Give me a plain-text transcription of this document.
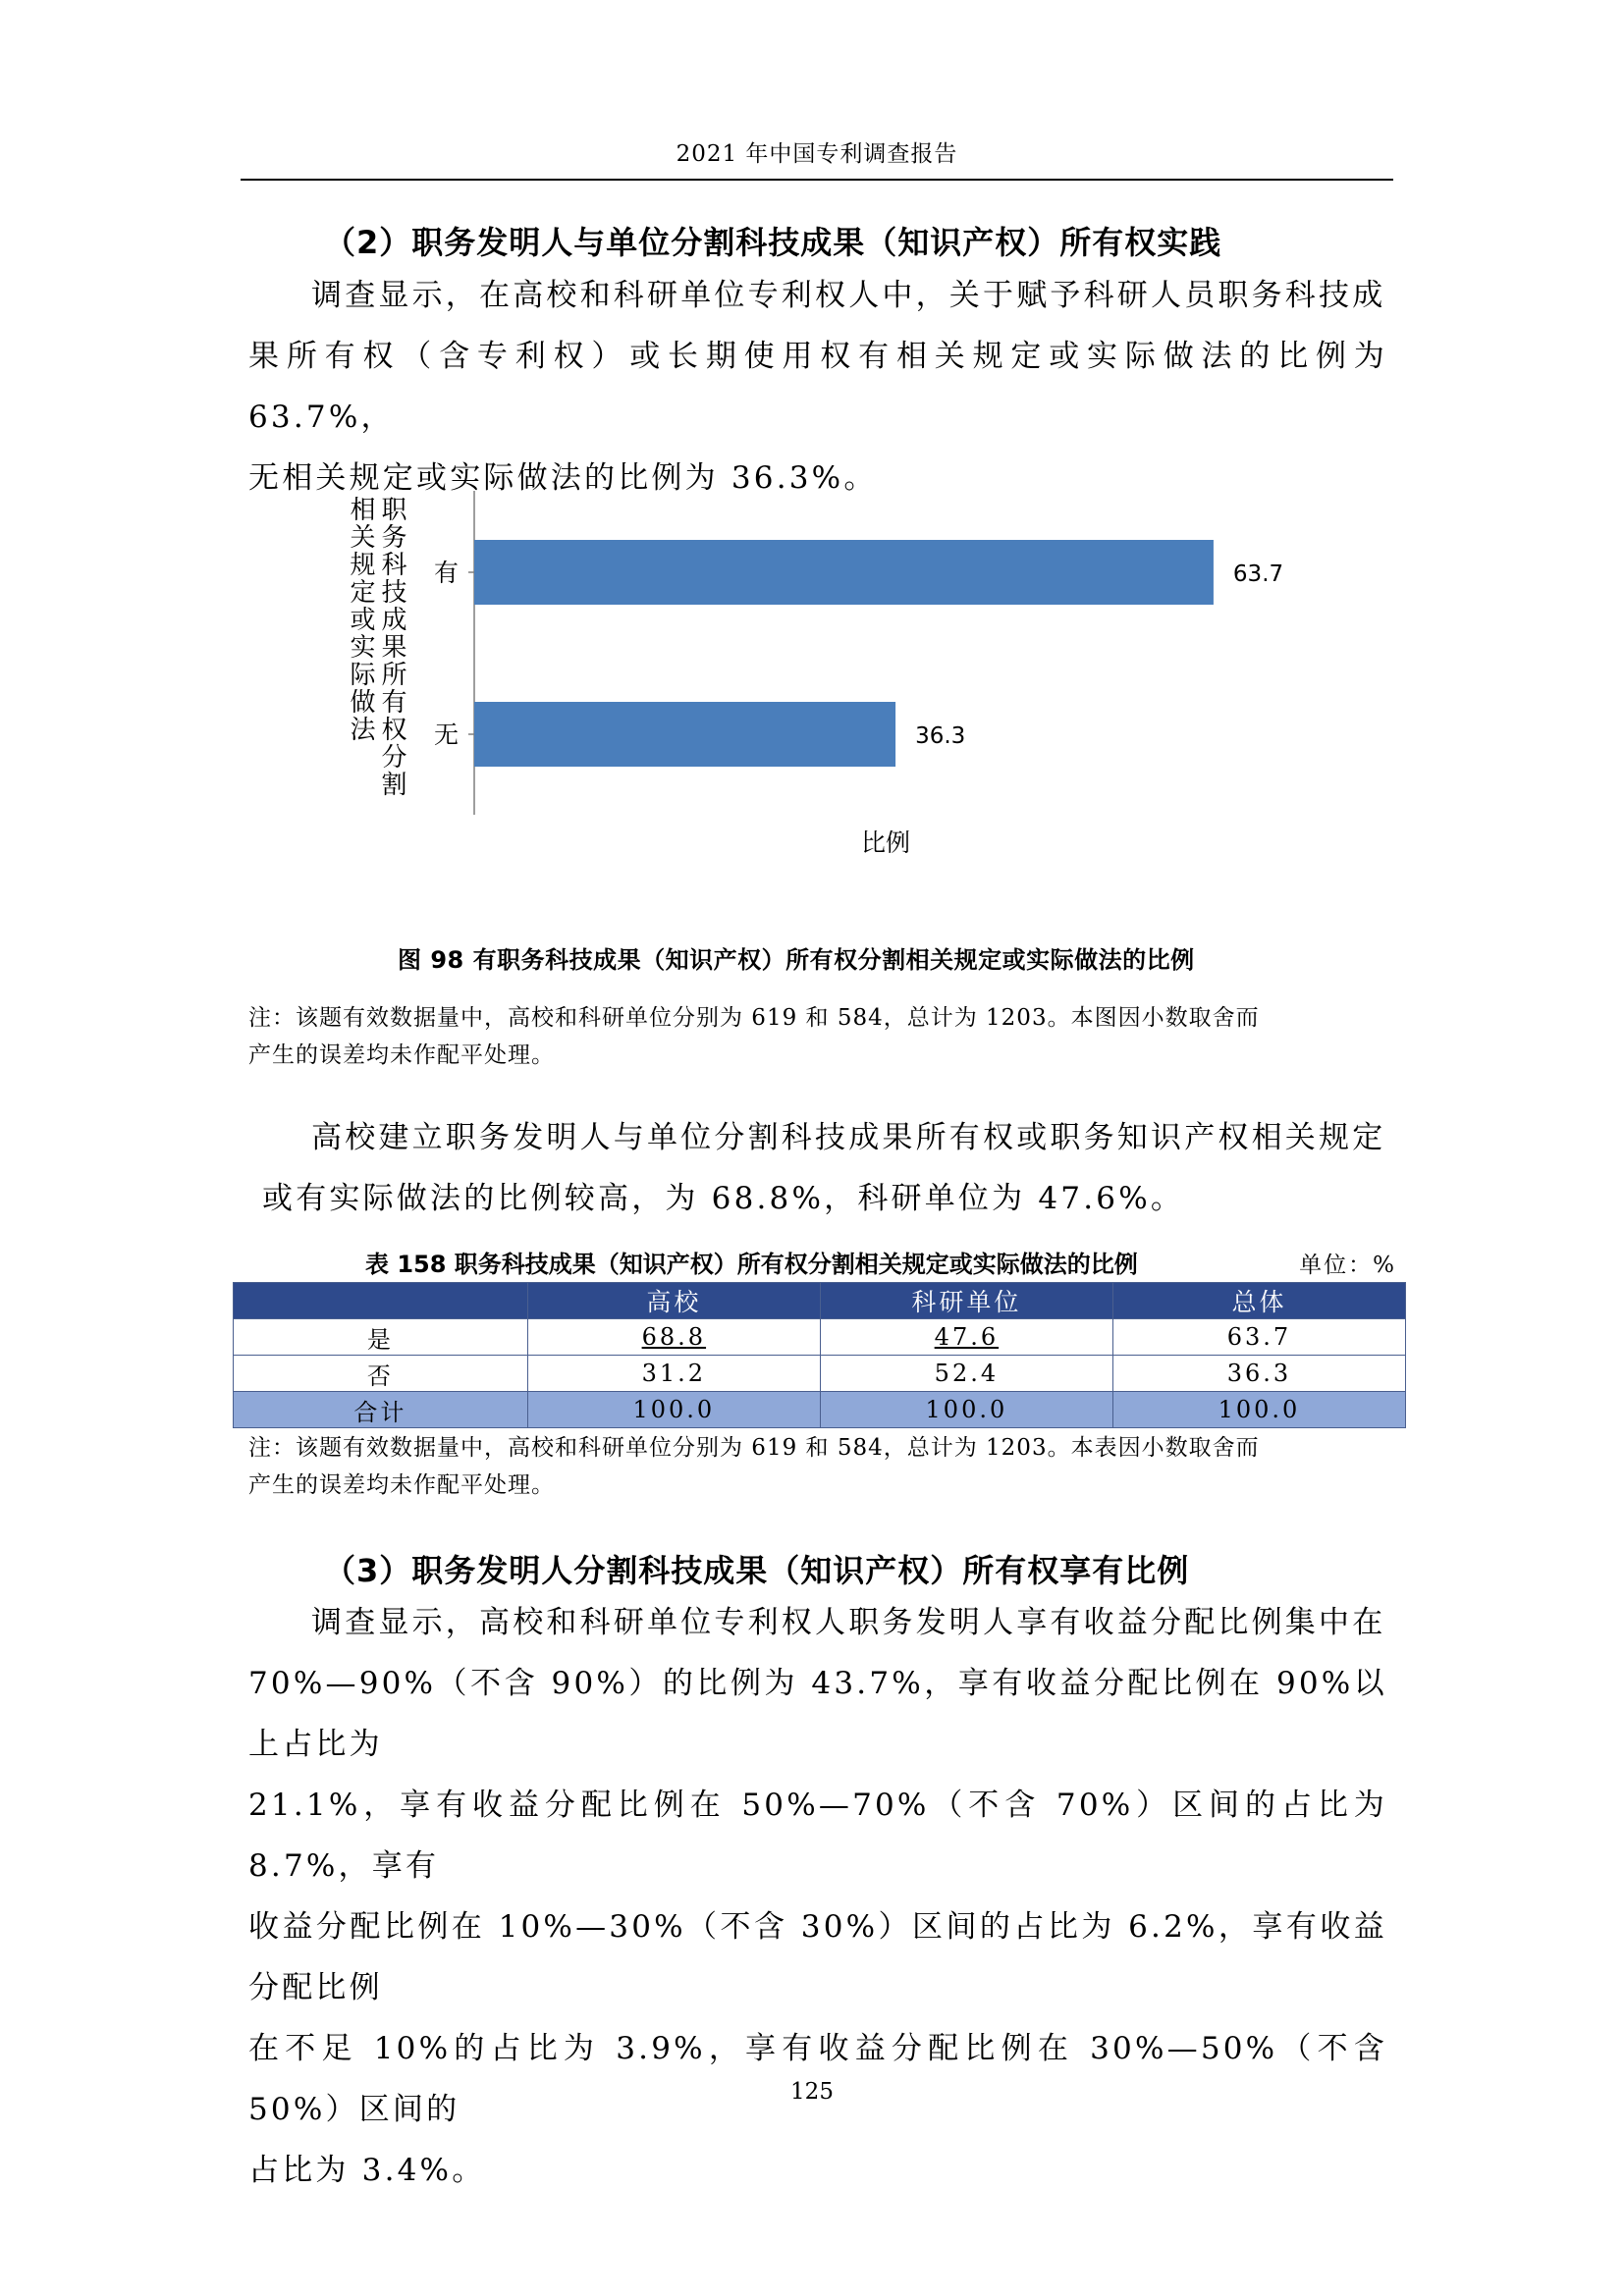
2021 年中国专利调查报告
（2）职务发明人与单位分割科技成果（知识产权）所有权实践
调查显示，在高校和科研单位专利权人中，关于赋予科研人员职务科技成
果所有权（含专利权）或长期使用权有相关规定或实际做法的比例为 63.7%，
无相关规定或实际做法的比例为 36.3%。
职务科技成果所有权分割相关规定或实际做法	有	63.7
无	36.3
比例
图 98 有职务科技成果（知识产权）所有权分割相关规定或实际做法的比例
注：该题有效数据量中，高校和科研单位分别为 619 和 584，总计为 1203。本图因小数取舍而
产生的误差均未作配平处理。
高校建立职务发明人与单位分割科技成果所有权或职务知识产权相关规定
或有实际做法的比例较高，为 68.8%，科研单位为 47.6%。
表 158 职务科技成果（知识产权）所有权分割相关规定或实际做法的比例	单位：%
	高校	科研单位	总体
是	68.8	47.6	63.7
否	31.2	52.4	36.3
合计	100.0	100.0	100.0
注：该题有效数据量中，高校和科研单位分别为 619 和 584，总计为 1203。本表因小数取舍而
产生的误差均未作配平处理。
（3）职务发明人分割科技成果（知识产权）所有权享有比例
调查显示，高校和科研单位专利权人职务发明人享有收益分配比例集中在
70%—90%（不含 90%）的比例为 43.7%，享有收益分配比例在 90%以上占比为
21.1%，享有收益分配比例在 50%—70%（不含 70%）区间的占比为 8.7%，享有
收益分配比例在 10%—30%（不含 30%）区间的占比为 6.2%，享有收益分配比例
在不足 10%的占比为 3.9%，享有收益分配比例在 30%—50%（不含 50%）区间的
占比为 3.4%。
125
